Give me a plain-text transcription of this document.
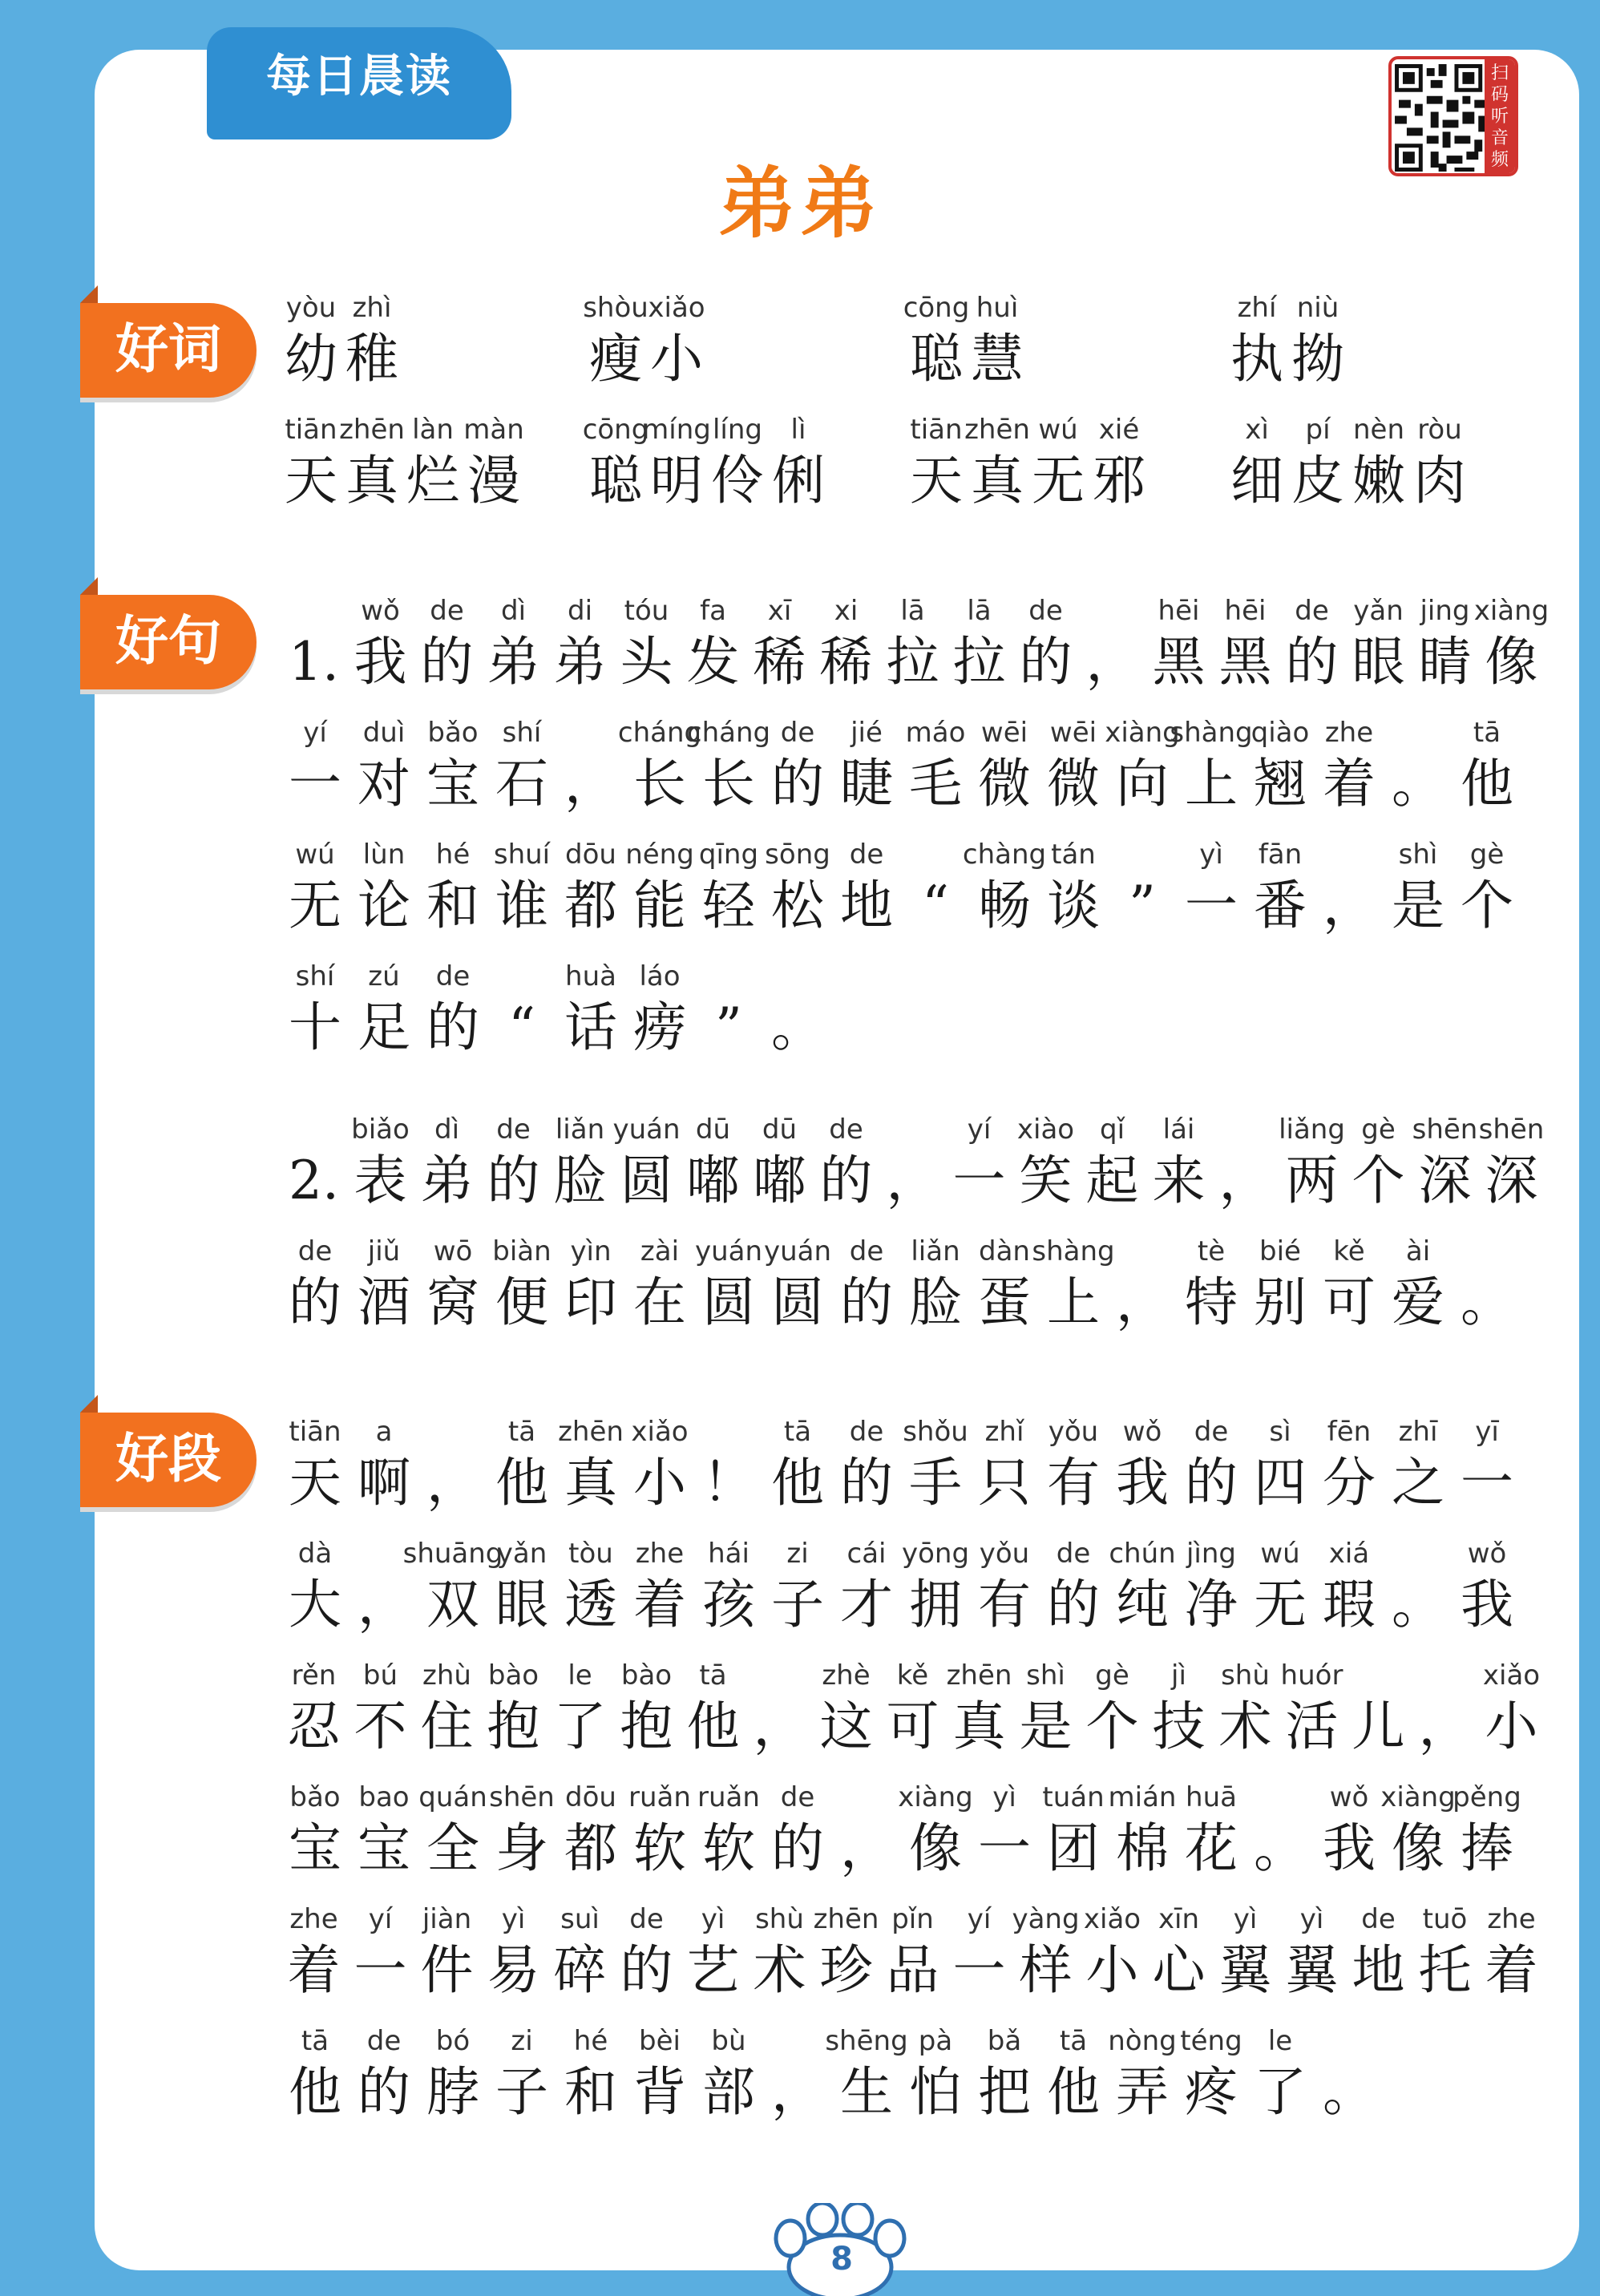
每日晨读	扫码听音频
弟弟
好词
好句
好段
yòu
幼
zhì
稚
shòu
瘦
xiǎo
小
cōng
聪
huì
慧
zhí
执
niù
拗
tiān
天
zhēn
真
làn
烂
màn
漫
cōng
聪
míng
明
líng
伶
lì
俐
tiān
天
zhēn
真
wú
无
xié
邪
xì
细
pí
皮
nèn
嫩
ròu
肉
1.
wǒ
我
de
的
dì
弟
di
弟
tóu
头
fa
发
xī
稀
xi
稀
lā
拉
lā
拉
de
的 ，
hēi
黑
hēi
黑
de
的
yǎn
眼
jing
睛
xiàng
像
yí
一
duì
对
bǎo
宝
shí
石 ，
cháng
长
cháng
长
de
的
jié
睫
máo
毛
wēi
微
wēi
微
xiàng
向
shàng
上
qiào
翘
zhe
着 。
tā
他
wú
无
lùn
论
hé
和
shuí
谁
dōu
都
néng
能
qīng
轻
sōng
松
de
地 “
chàng
畅
tán
谈 ”
yì
一
fān
番 ，
shì
是
gè
个
shí
十
zú
足
de
的 “
huà
话
láo
痨 ” 。
2.
biǎo
表
dì
弟
de
的
liǎn
脸
yuán
圆
dū
嘟
dū
嘟
de
的 ，
yí
一
xiào
笑
qǐ
起
lái
来 ，
liǎng
两
gè
个
shēn
深
shēn
深
de
的
jiǔ
酒
wō
窝
biàn
便
yìn
印
zài
在
yuán
圆
yuán
圆
de
的
liǎn
脸
dàn
蛋
shàng
上 ，
tè
特
bié
别
kě
可
ài
爱 。
tiān
天
a
啊 ，
tā
他
zhēn
真
xiǎo
小 ！
tā
他
de
的
shǒu
手
zhǐ
只
yǒu
有
wǒ
我
de
的
sì
四
fēn
分
zhī
之
yī
一
dà
大 ，
shuāng
双
yǎn
眼
tòu
透
zhe
着
hái
孩
zi
子
cái
才
yōng
拥
yǒu
有
de
的
chún
纯
jìng
净
wú
无
xiá
瑕 。
wǒ
我
rěn
忍
bú
不
zhù
住
bào
抱
le
了
bào
抱
tā
他 ，
zhè
这
kě
可
zhēn
真
shì
是
gè
个
jì
技
shù
术
huór
活 儿 ，
xiǎo
小
bǎo
宝
bao
宝
quán
全
shēn
身
dōu
都
ruǎn
软
ruǎn
软
de
的 ，
xiàng
像
yì
一
tuán
团
mián
棉
huā
花 。
wǒ
我
xiàng
像
pěng
捧
zhe
着
yí
一
jiàn
件
yì
易
suì
碎
de
的
yì
艺
shù
术
zhēn
珍
pǐn
品
yí
一
yàng
样
xiǎo
小
xīn
心
yì
翼
yì
翼
de
地
tuō
托
zhe
着
tā
他
de
的
bó
脖
zi
子
hé
和
bèi
背
bù
部 ，
shēng
生
pà
怕
bǎ
把
tā
他
nòng
弄
téng
疼
le
了 。
8
